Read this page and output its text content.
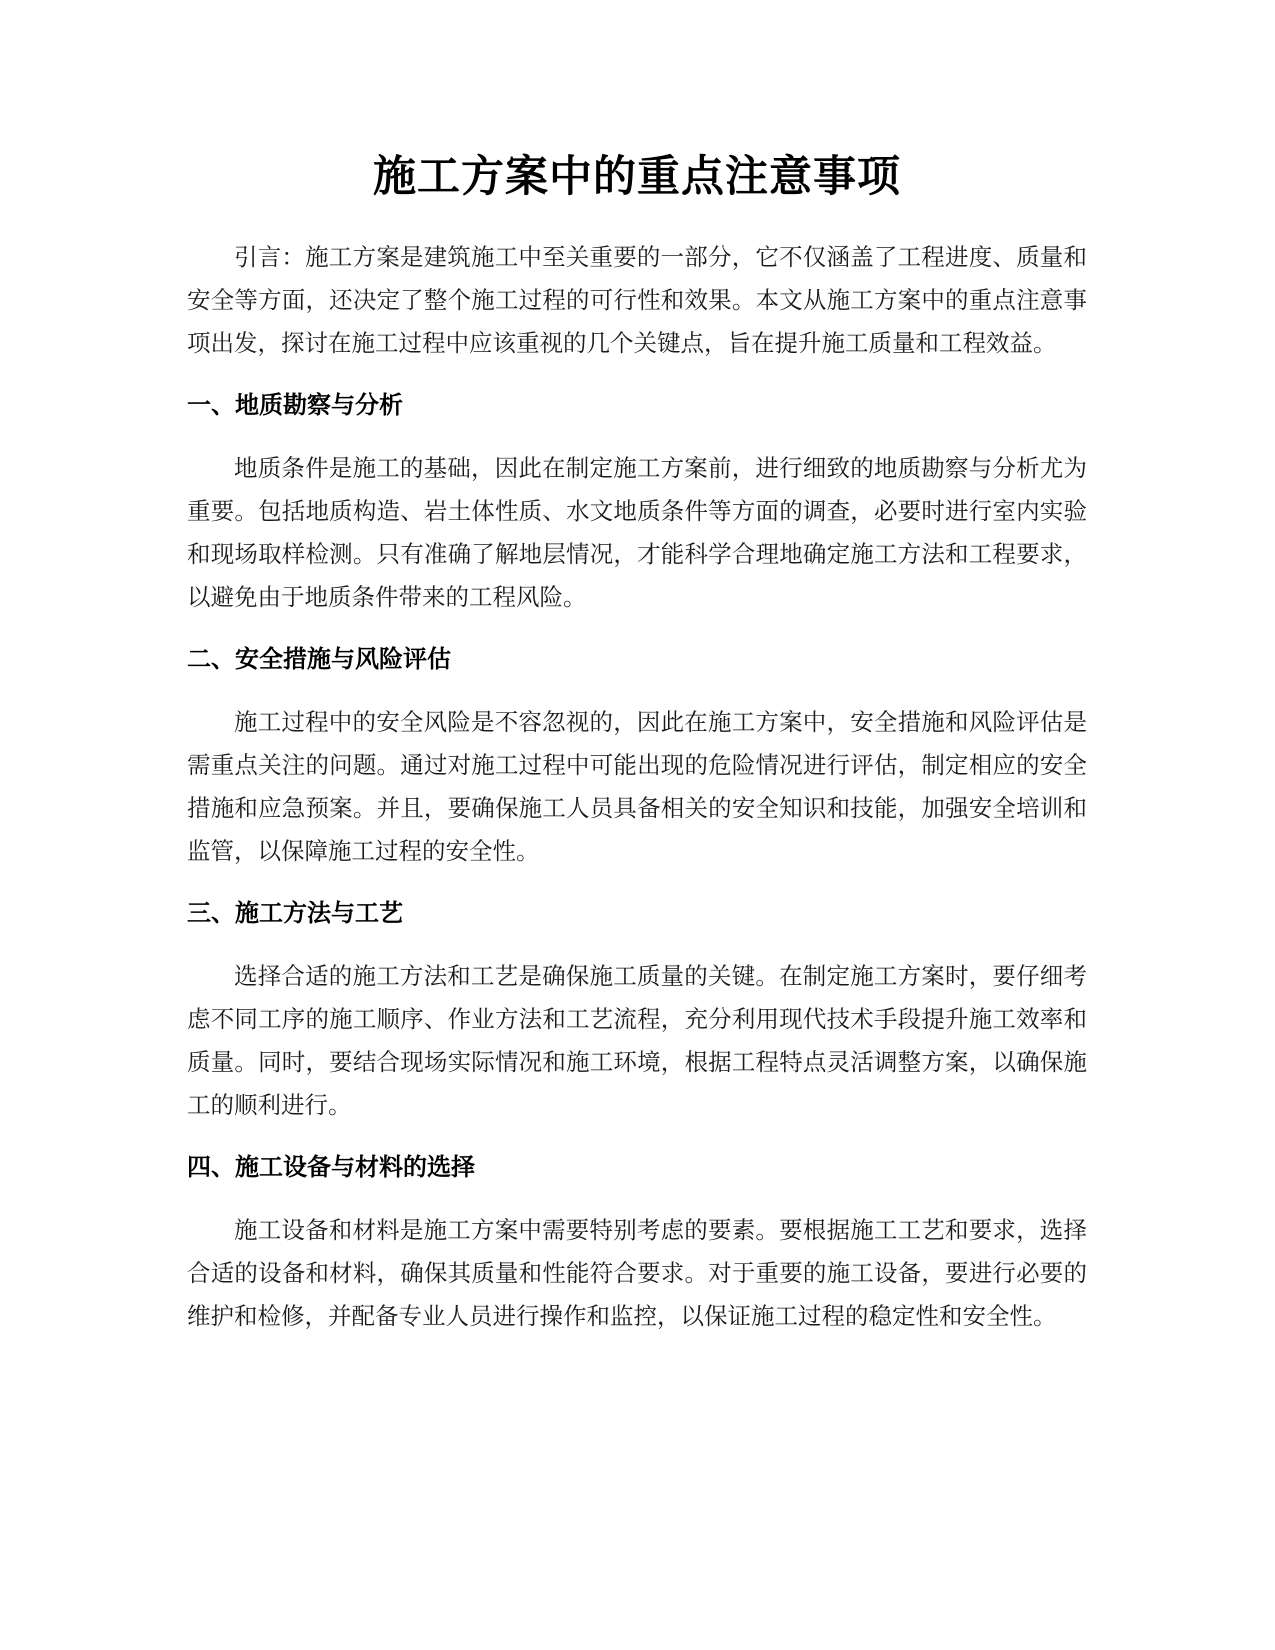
施工方案中的重点注意事项

引言：施工方案是建筑施工中至关重要的一部分，它不仅涵盖了工程进度、质量和安全等方面，还决定了整个施工过程的可行性和效果。本文从施工方案中的重点注意事项出发，探讨在施工过程中应该重视的几个关键点，旨在提升施工质量和工程效益。

一、地质勘察与分析

地质条件是施工的基础，因此在制定施工方案前，进行细致的地质勘察与分析尤为重要。包括地质构造、岩土体性质、水文地质条件等方面的调查，必要时进行室内实验和现场取样检测。只有准确了解地层情况，才能科学合理地确定施工方法和工程要求，以避免由于地质条件带来的工程风险。

二、安全措施与风险评估

施工过程中的安全风险是不容忽视的，因此在施工方案中，安全措施和风险评估是需重点关注的问题。通过对施工过程中可能出现的危险情况进行评估，制定相应的安全措施和应急预案。并且，要确保施工人员具备相关的安全知识和技能，加强安全培训和监管，以保障施工过程的安全性。

三、施工方法与工艺

选择合适的施工方法和工艺是确保施工质量的关键。在制定施工方案时，要仔细考虑不同工序的施工顺序、作业方法和工艺流程，充分利用现代技术手段提升施工效率和质量。同时，要结合现场实际情况和施工环境，根据工程特点灵活调整方案，以确保施工的顺利进行。

四、施工设备与材料的选择

施工设备和材料是施工方案中需要特别考虑的要素。要根据施工工艺和要求，选择合适的设备和材料，确保其质量和性能符合要求。对于重要的施工设备，要进行必要的维护和检修，并配备专业人员进行操作和监控，以保证施工过程的稳定性和安全性。
